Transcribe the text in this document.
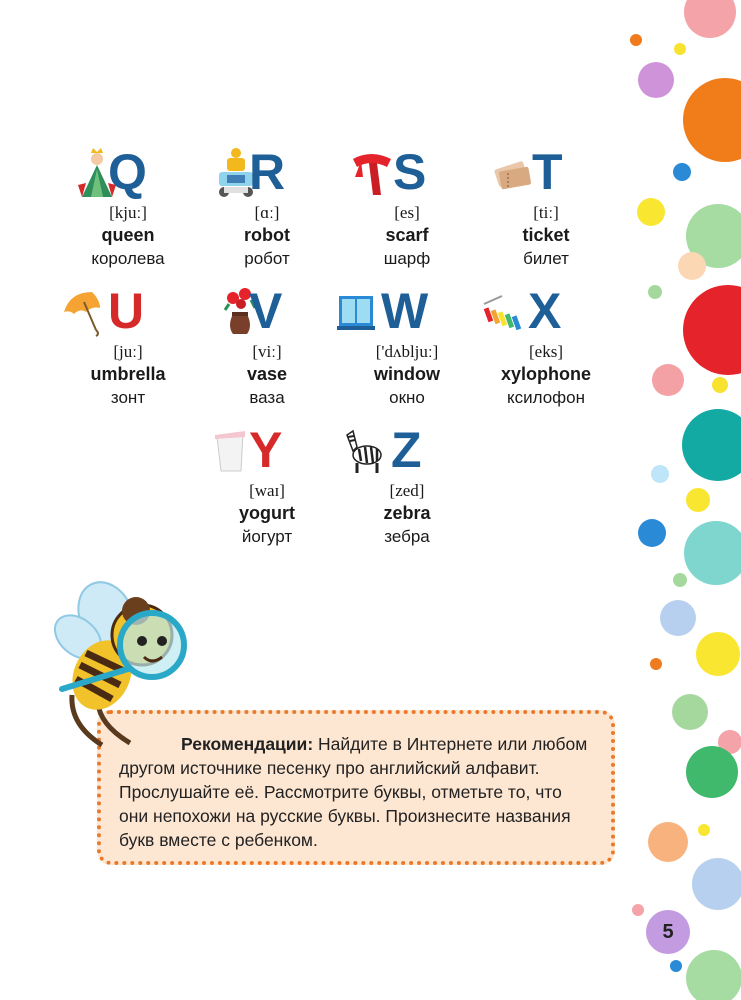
Q
[kjuː]
queen
королева
R
[ɑː]
robot
робот
S
[es]
scarf
шарф
T
[tiː]
ticket
билет
U
[juː]
umbrella
зонт
V
[viː]
vase
ваза
W
['dʌbljuː]
window
окно
X
[eks]
xylophone
ксилофон
Y
[waɪ]
yogurt
йогурт
Z
[zed]
zebra
зебра
Рекомендации: Найдите в Интернете или любом другом источнике песенку про английский алфавит. Прослушайте её. Рассмотрите буквы, отметьте то, что они непохожи на русские буквы. Произнесите названия букв вместе с ребенком.
5
